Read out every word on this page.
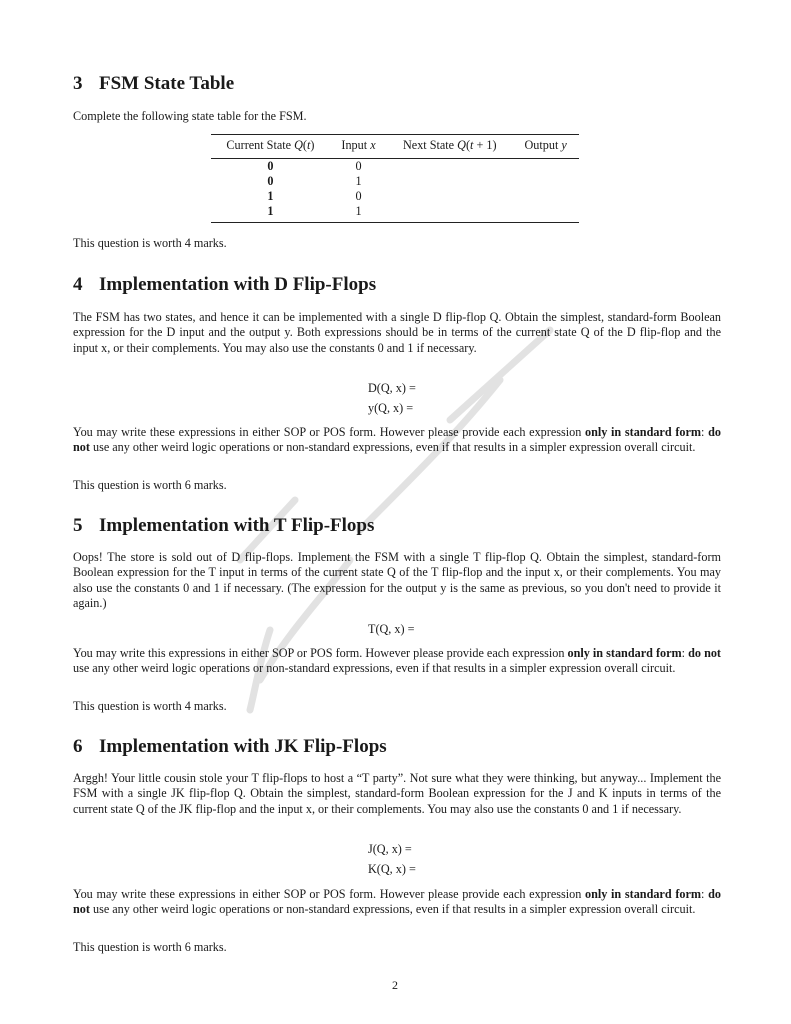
3 FSM State Table

Complete the following state table for the FSM.

Current State Q(t)	Input x	Next State Q(t + 1)	Output y
0	0		
0	1		
1	0		
1	1		

This question is worth 4 marks.

4 Implementation with D Flip-Flops

The FSM has two states, and hence it can be implemented with a single D flip-flop Q. Obtain the simplest, standard-form Boolean expression for the D input and the output y. Both expressions should be in terms of the current state Q of the D flip-flop and the input x, or their complements. You may also use the constants 0 and 1 if necessary.

D(Q, x) =
y(Q, x) =

You may write these expressions in either SOP or POS form. However please provide each expression only in standard form: do not use any other weird logic operations or non-standard expressions, even if that results in a simpler expression overall circuit.

This question is worth 6 marks.

5 Implementation with T Flip-Flops

Oops! The store is sold out of D flip-flops. Implement the FSM with a single T flip-flop Q. Obtain the simplest, standard-form Boolean expression for the T input in terms of the current state Q of the T flip-flop and the input x, or their complements. You may also use the constants 0 and 1 if necessary. (The expression for the output y is the same as previous, so you don't need to provide it again.)

T(Q, x) =

You may write this expressions in either SOP or POS form. However please provide each expression only in standard form: do not use any other weird logic operations or non-standard expressions, even if that results in a simpler expression overall circuit.

This question is worth 4 marks.

6 Implementation with JK Flip-Flops

Arggh! Your little cousin stole your T flip-flops to host a “T party”. Not sure what they were thinking, but anyway... Implement the FSM with a single JK flip-flop Q. Obtain the simplest, standard-form Boolean expression for the J and K inputs in terms of the current state Q of the JK flip-flop and the input x, or their complements. You may also use the constants 0 and 1 if necessary.

J(Q, x) =
K(Q, x) =

You may write these expressions in either SOP or POS form. However please provide each expression only in standard form: do not use any other weird logic operations or non-standard expressions, even if that results in a simpler expression overall circuit.

This question is worth 6 marks.

2
